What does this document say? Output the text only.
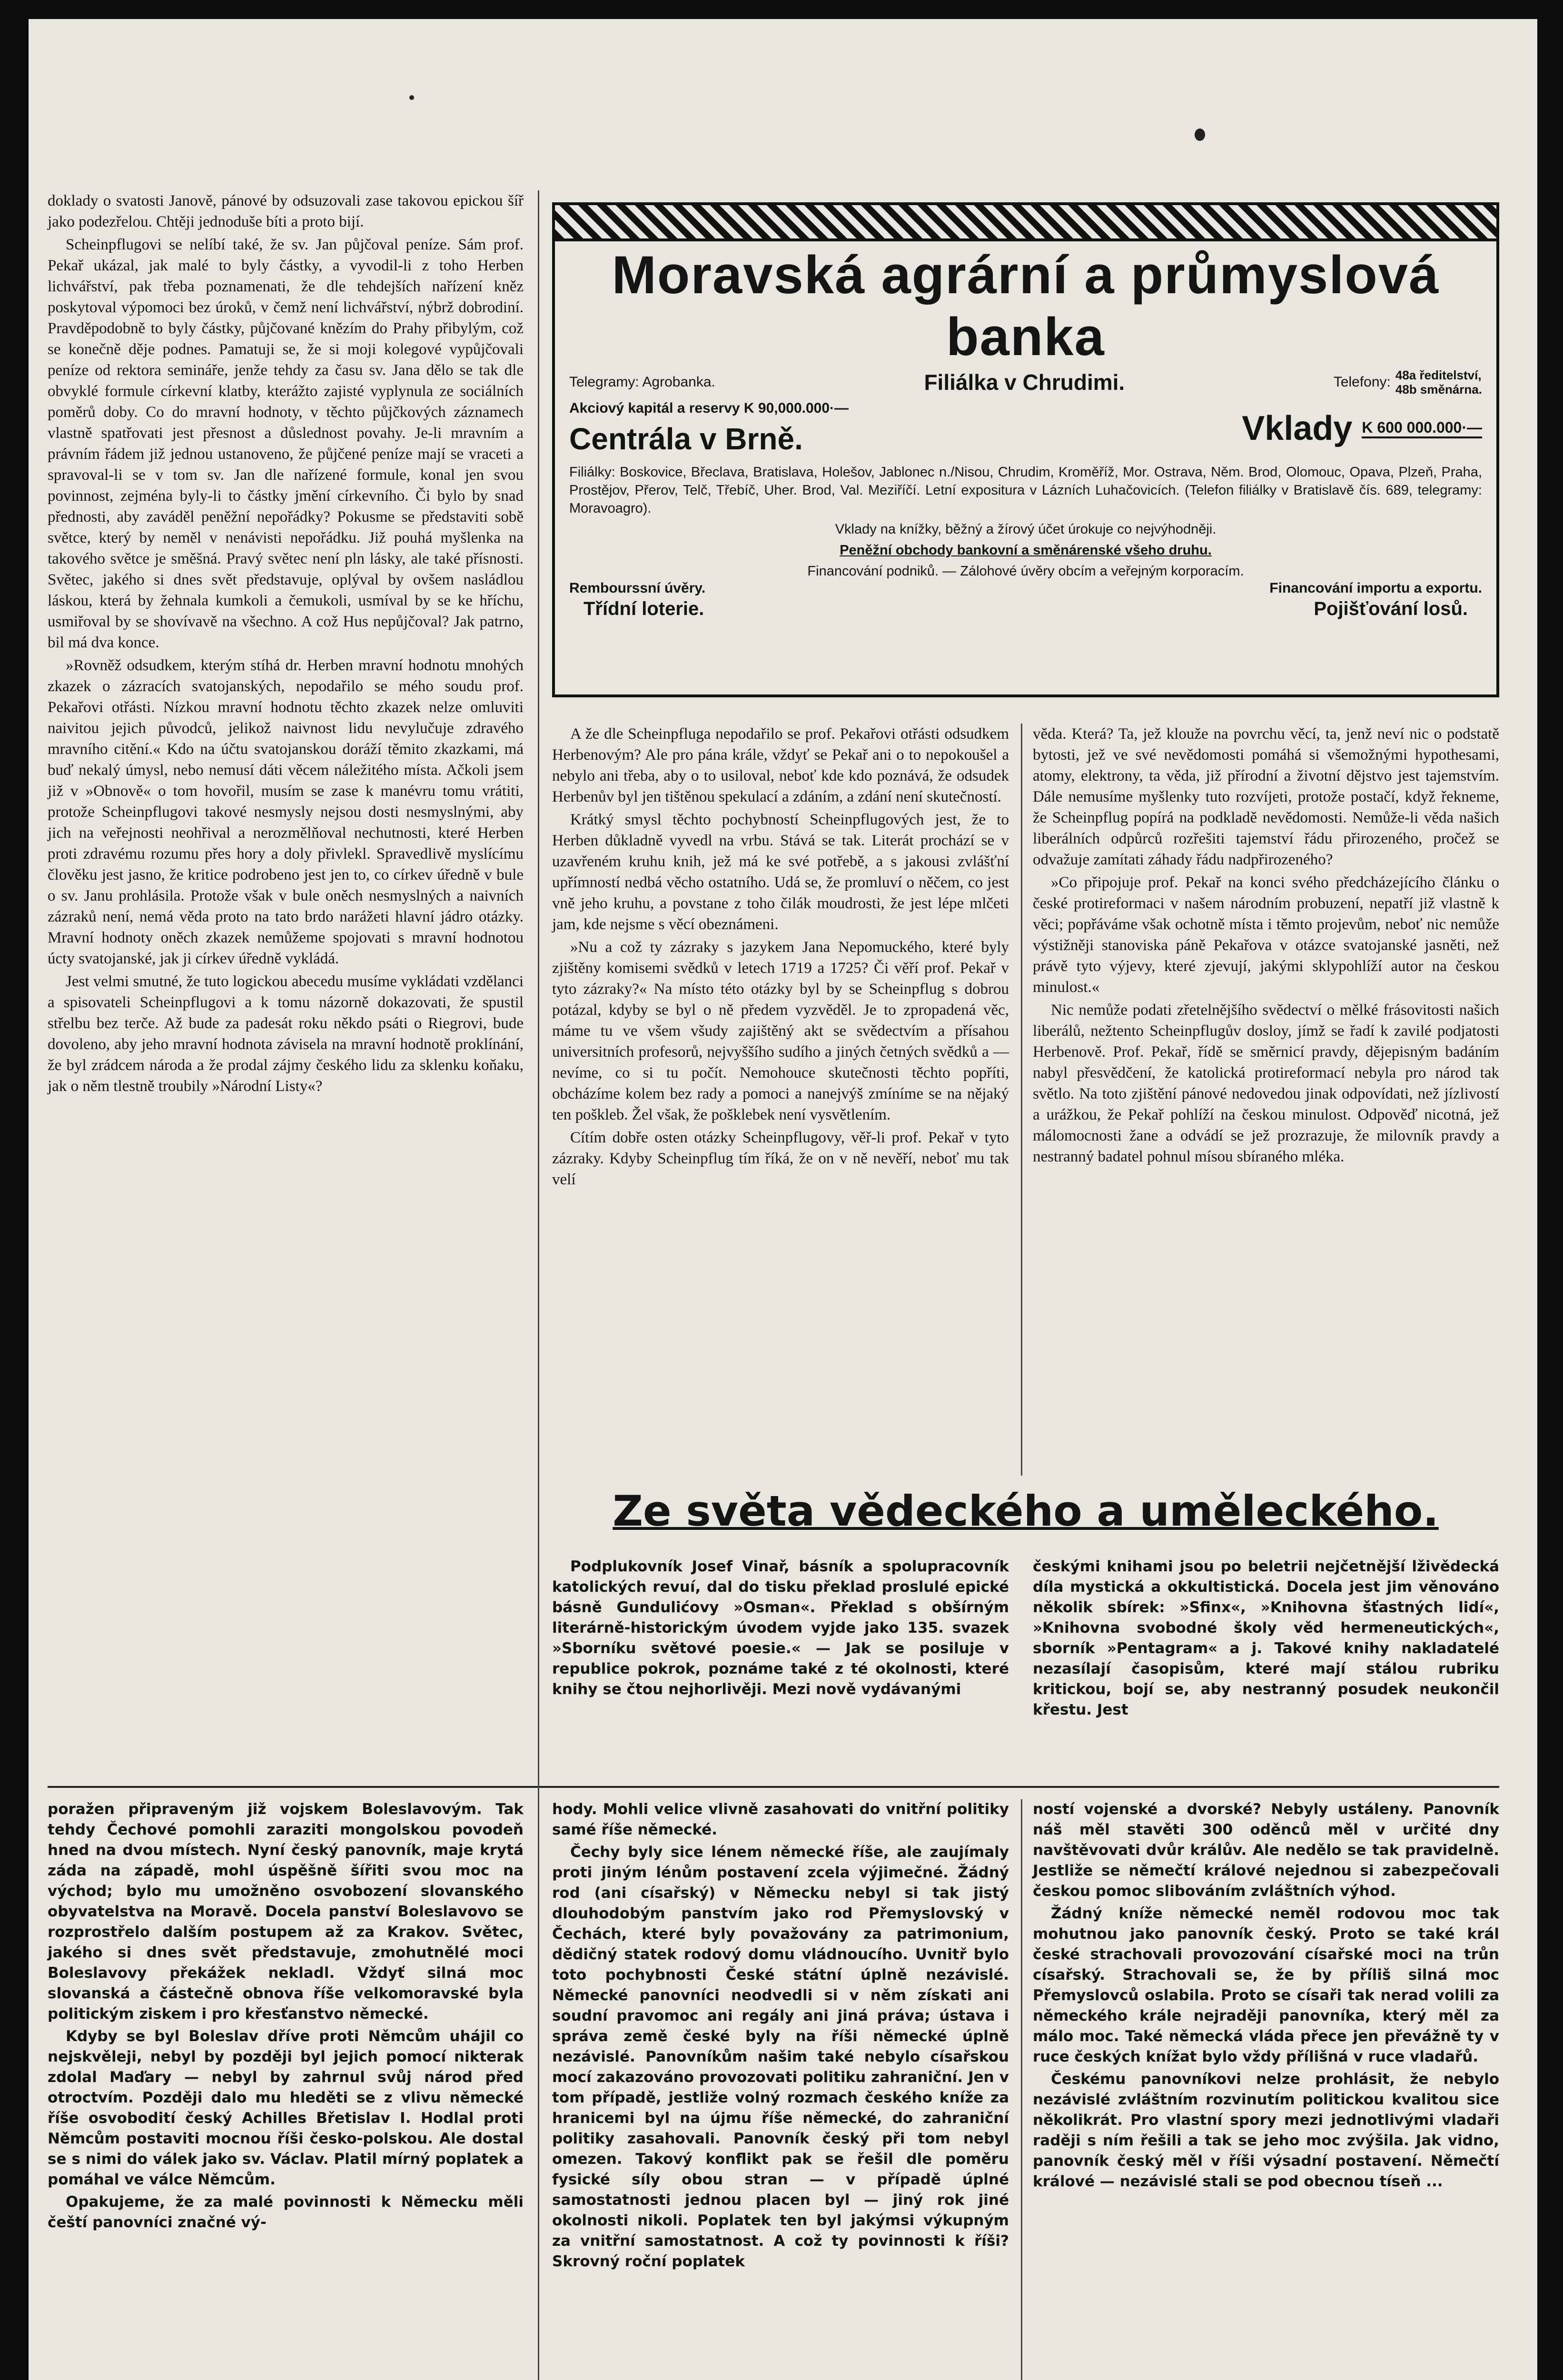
doklady o svatosti Janově, pánové by odsuzovali zase takovou epickou šíř jako podezřelou. Chtěji jednoduše bíti a proto bijí.

Scheinpflugovi se nelíbí také, že sv. Jan půjčoval peníze. Sám prof. Pekař ukázal, jak malé to byly částky, a vyvodil-li z toho Herben lichvářství, pak třeba poznamenati, že dle tehdejších nařízení kněz poskytoval výpomoci bez úroků, v čemž není lichvářství, nýbrž dobrodiní. Pravděpodobně to byly částky, půjčované knězím do Prahy přibylým, což se konečně děje podnes. Pamatuji se, že si moji kolegové vypůjčovali peníze od rektora semináře, jenže tehdy za času sv. Jana dělo se tak dle obvyklé formule církevní klatby, kterážto zajisté vyplynula ze sociálních poměrů doby. Co do mravní hodnoty, v těchto půjčkových záznamech vlastně spatřovati jest přesnost a důslednost povahy. Je-li mravním a právním řádem již jednou ustanoveno, že půjčené peníze mají se vraceti a spravoval-li se v tom sv. Jan dle nařízené formule, konal jen svou povinnost, zejména byly-li to částky jmění církevního. Či bylo by snad přednosti, aby zaváděl peněžní nepořádky? Pokusme se představiti sobě světce, který by neměl v nenávisti nepořádku. Již pouhá myšlenka na takového světce je směšná. Pravý světec není pln lásky, ale také přísnosti. Světec, jakého si dnes svět představuje, oplýval by ovšem nasládlou láskou, která by žehnala kumkoli a čemukoli, usmíval by se ke hříchu, usmiřoval by se shovívavě na všechno. A což Hus nepůjčoval? Jak patrno, bil má dva konce.

»Rovněž odsudkem, kterým stíhá dr. Herben mravní hodnotu mnohých zkazek o zázracích svatojanských, nepodařilo se mého soudu prof. Pekařovi otřásti. Nízkou mravní hodnotu těchto zkazek nelze omluviti naivitou jejich původců, jelikož naivnost lidu nevylučuje zdravého mravního citění.« Kdo na účtu svatojanskou doráží těmito zkazkami, má buď nekalý úmysl, nebo nemusí dáti věcem náležitého místa. Ačkoli jsem již v »Obnově« o tom hovořil, musím se zase k manévru tomu vrátiti, protože Scheinpflugovi takové nesmysly nejsou dosti nesmyslnými, aby jich na veřejnosti neohřival a nerozmělňoval nechutnosti, které Herben proti zdravému rozumu přes hory a doly přivlekl. Spravedlivě myslícímu člověku jest jasno, že kritice podrobeno jest jen to, co církev úředně v bule o sv. Janu prohlásila. Protože však v bule oněch nesmyslných a naivních zázraků není, nemá věda proto na tato brdo narážeti hlavní jádro otázky. Mravní hodnoty oněch zkazek nemůžeme spojovati s mravní hodnotou úcty svatojanské, jak ji církev úředně vykládá.

Jest velmi smutné, že tuto logickou abecedu musíme vykládati vzdělanci a spisovateli Scheinpflugovi a k tomu názorně dokazovati, že spustil střelbu bez terče. Až bude za padesát roku někdo psáti o Riegrovi, bude dovoleno, aby jeho mravní hodnota závisela na mravní hodnotě proklínání, že byl zrádcem národa a že prodal zájmy českého lidu za sklenku koňaku, jak o něm tlestně troubily »Národní Listy«?

Moravská agrární a průmyslová banka
Telegramy: Agrobanka.	Filiálka v Chrudimi.	Telefony: 48a ředitelství,
48b směnárna.
Akciový kapitál a reservy K 90,000.000·—
Centrála v Brně.	Vklady K 600 000.000·—
Filiálky: Boskovice, Břeclava, Bratislava, Holešov, Jablonec n./Nisou, Chrudim, Kroměříž, Mor. Ostrava, Něm. Brod, Olomouc, Opava, Plzeň, Praha, Prostějov, Přerov, Telč, Třebíč, Uher. Brod, Val. Meziříčí. Letní expositura v Lázních Luhačovicích. (Telefon filiálky v Bratislavě čís. 689, telegramy: Moravoagro).
Vklady na knížky, běžný a žírový účet úrokuje co nejvýhodněji.
Peněžní obchody bankovní a směnárenské všeho druhu.
Financování podniků. — Zálohové úvěry obcím a veřejným korporacím.
Rembourssní úvěry.	Financování importu a exportu.
Třídní loterie.	Pojišťování losů.

A že dle Scheinpfluga nepodařilo se prof. Pekařovi otřásti odsudkem Herbenovým? Ale pro pána krále, vždyť se Pekař ani o to nepokoušel a nebylo ani třeba, aby o to usiloval, neboť kde kdo poznává, že odsudek Herbenův byl jen tištěnou spekulací a zdáním, a zdání není skutečností.

Krátký smysl těchto pochybností Scheinpflugových jest, že to Herben důkladně vyvedl na vrbu. Stává se tak. Literát prochází se v uzavřeném kruhu knih, jež má ke své potřebě, a s jakousi zvlášťní upřímností nedbá věcho ostatního. Udá se, že promluví o něčem, co jest vně jeho kruhu, a povstane z toho čilák moudrosti, že jest lépe mlčeti jam, kde nejsme s věcí obeznámeni.

»Nu a což ty zázraky s jazykem Jana Nepomuckého, které byly zjištěny komisemi svědků v letech 1719 a 1725? Či věří prof. Pekař v tyto zázraky?« Na místo této otázky byl by se Scheinpflug s dobrou potázal, kdyby se byl o ně předem vyzvěděl. Je to zpropadená věc, máme tu ve všem všudy zajištěný akt se svědectvím a přísahou universitních profesorů, nejvyššího sudího a jiných četných svědků a — nevíme, co si tu počít. Nemohouce skutečnosti těchto popříti, obcházíme kolem bez rady a pomoci a nanejvýš zmíníme se na nějaký ten poškleb. Žel však, že pošklebek není vysvětlením.

Cítím dobře osten otázky Scheinpflugovy, věř-li prof. Pekař v tyto zázraky. Kdyby Scheinpflug tím říká, že on v ně nevěří, neboť mu tak velí

věda. Která? Ta, jež klouže na povrchu věcí, ta, jenž neví nic o podstatě bytosti, jež ve své nevědomosti pomáhá si všemožnými hypothesami, atomy, elektrony, ta věda, již přírodní a životní dějstvo jest tajemstvím. Dále nemusíme myšlenky tuto rozvíjeti, protože postačí, když řekneme, že Scheinpflug popírá na podkladě nevědomosti. Nemůže-li věda našich liberálních odpůrců rozřešiti tajemství řádu přirozeného, pročež se odvažuje zamítati záhady řádu nadpřirozeného?

»Co připojuje prof. Pekař na konci svého předcházejícího článku o české protireformaci v našem národním probuzení, nepatří již vlastně k věci; popřáváme však ochotně místa i těmto projevům, neboť nic nemůže výstižněji stanoviska páně Pekařova v otázce svatojanské jasněti, než právě tyto výjevy, které zjevují, jakými sklypohlíží autor na českou minulost.«

Nic nemůže podati zřetelnějšího svědectví o mělké frásovitosti našich liberálů, nežtento Scheinpflugův dosloy, jímž se řadí k zavilé podjatosti Herbenově. Prof. Pekař, řídě se směrnicí pravdy, dějepisným badáním nabyl přesvědčení, že katolická protireformací nebyla pro národ tak světlo. Na toto zjištění pánové nedovedou jinak odpovídati, než jízlivostí a urážkou, že Pekař pohlíží na českou minulost. Odpověď nicotná, jež málomocnosti žane a odvádí se jež prozrazuje, že milovník pravdy a nestranný badatel pohnul mísou sbíraného mléka.

Ze světa vědeckého a uměleckého.

Podplukovník Josef Vinař, básník a spolupracovník katolických revuí, dal do tisku překlad proslulé epické básně Gundulićovy »Osman«. Překlad s obšírným literárně-historickým úvodem vyjde jako 135. svazek »Sborníku světové poesie.« — Jak se posiluje v republice pokrok, poznáme také z té okolnosti, které knihy se čtou nejhorlivěji. Mezi nově vydávanými

českými knihami jsou po beletrii nejčetnější lživědecká díla mystická a okkultistická. Docela jest jim věnováno několik sbírek: »Sfinx«, »Knihovna šťastných lidí«, »Knihovna svobodné školy věd hermeneutických«, sborník »Pentagram« a j. Takové knihy nakladatelé nezasílají časopisům, které mají stálou rubriku kritickou, bojí se, aby nestranný posudek neukončil křestu. Jest

poražen připraveným již vojskem Boleslavovým. Tak tehdy Čechové pomohli zaraziti mongolskou povodeň hned na dvou místech. Nyní český panovník, maje krytá záda na západě, mohl úspěšně šířiti svou moc na východ; bylo mu umožněno osvobození slovanského obyvatelstva na Moravě. Docela panství Boleslavovo se rozprostřelo dalším postupem až za Krakov. Světec, jakého si dnes svět představuje, zmohutnělé moci Boleslavovy překážek nekladl. Vždyť silná moc slovanská a částečně obnova říše velkomoravské byla politickým ziskem i pro křesťanstvo německé.

Kdyby se byl Boleslav dříve proti Němcům uhájil co nejskvěleji, nebyl by později byl jejich pomocí nikterak zdolal Maďary — nebyl by zahrnul svůj národ před otroctvím. Později dalo mu hleděti se z vlivu německé říše osvobodití český Achilles Břetislav I. Hodlal proti Němcům postaviti mocnou říši česko-polskou. Ale dostal se s nimi do válek jako sv. Václav. Platil mírný poplatek a pomáhal ve válce Němcům.

Opakujeme, že za malé povinnosti k Německu měli čeští panovníci značné vý-

hody. Mohli velice vlivně zasahovati do vnitřní politiky samé říše německé.

Čechy byly sice lénem německé říše, ale zaujímaly proti jiným lénům postavení zcela výjimečné. Žádný rod (ani císařský) v Německu nebyl si tak jistý dlouhodobým panstvím jako rod Přemyslovský v Čechách, které byly považovány za patrimonium, dědičný statek rodový domu vládnoucího. Uvnitř bylo toto pochybnosti České státní úplně nezávislé. Německé panovníci neodvedli si v něm získati ani soudní pravomoc ani regály ani jiná práva; ústava i správa země české byly na říši německé úplně nezávislé. Panovníkům našim také nebylo císařskou mocí zakazováno provozovati politiku zahraniční. Jen v tom případě, jestliže volný rozmach českého kníže za hranicemi byl na újmu říše německé, do zahraniční politiky zasahovali. Panovník český při tom nebyl omezen. Takový konflikt pak se řešil dle poměru fysické síly obou stran — v případě úplné samostatnosti jednou placen byl — jiný rok jiné okolnosti nikoli. Poplatek ten byl jakýmsi výkupným za vnitřní samostatnost. A což ty povinnosti k říši? Skrovný roční poplatek

ností vojenské a dvorské? Nebyly ustáleny. Panovník náš měl stavěti 300 oděnců měl v určité dny navštěvovati dvůr králův. Ale nedělo se tak pravidelně. Jestliže se němečtí králové nejednou si zabezpečovali českou pomoc slibováním zvláštních výhod.

Žádný kníže německé neměl rodovou moc tak mohutnou jako panovník český. Proto se také král české strachovali provozování císařské moci na trůn císařský. Strachovali se, že by příliš silná moc Přemyslovců oslabila. Proto se císaři tak nerad volili za německého krále nejraději panovníka, který měl za málo moc. Také německá vláda přece jen převážně ty v ruce českých knížat bylo vždy přílišná v ruce vladařů.

Českému panovníkovi nelze prohlásit, že nebylo nezávislé zvláštním rozvinutím politickou kvalitou sice několikrát. Pro vlastní spory mezi jednotlivými vladaři raději s ním řešili a tak se jeho moc zvýšila. Jak vidno, panovník český měl v říši výsadní postavení. Němečtí králové — nezávislé stali se pod obecnou tíseň ...
